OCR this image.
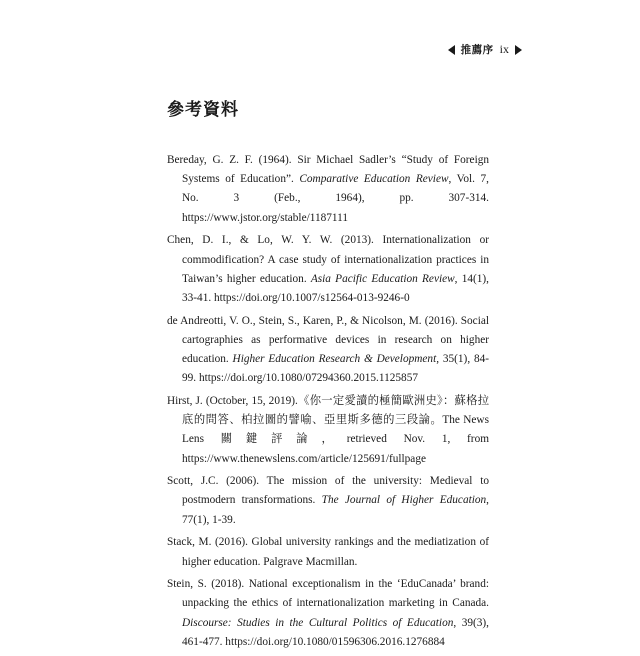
推薦序 ix
參考資料
Bereday, G. Z. F. (1964). Sir Michael Sadler’s “Study of Foreign Systems of Education”. Comparative Education Review, Vol. 7, No. 3 (Feb., 1964), pp. 307-314. https://www.jstor.org/stable/1187111
Chen, D. I., & Lo, W. Y. W. (2013). Internationalization or commodification? A case study of internationalization practices in Taiwan’s higher education. Asia Pacific Education Review, 14(1), 33-41. https://doi.org/10.1007/s12564-013-9246-0
de Andreotti, V. O., Stein, S., Karen, P., & Nicolson, M. (2016). Social cartographies as performative devices in research on higher education. Higher Education Research & Development, 35(1), 84-99. https://doi.org/10.1080/07294360.2015.1125857
Hirst, J. (October, 15, 2019).《你一定愛讀的極簡歐洲史》：蘇格拉底的問答、柏拉圖的譬喻、亞里斯多德的三段論。The News Lens 關鍵評論，retrieved Nov. 1, from https://www.thenewslens.com/article/125691/fullpage
Scott, J.C. (2006). The mission of the university: Medieval to postmodern transformations. The Journal of Higher Education, 77(1), 1-39.
Stack, M. (2016). Global university rankings and the mediatization of higher education. Palgrave Macmillan.
Stein, S. (2018). National exceptionalism in the ‘EduCanada’ brand: unpacking the ethics of internationalization marketing in Canada. Discourse: Studies in the Cultural Politics of Education, 39(3), 461-477. https://doi.org/10.1080/01596306.2016.1276884
